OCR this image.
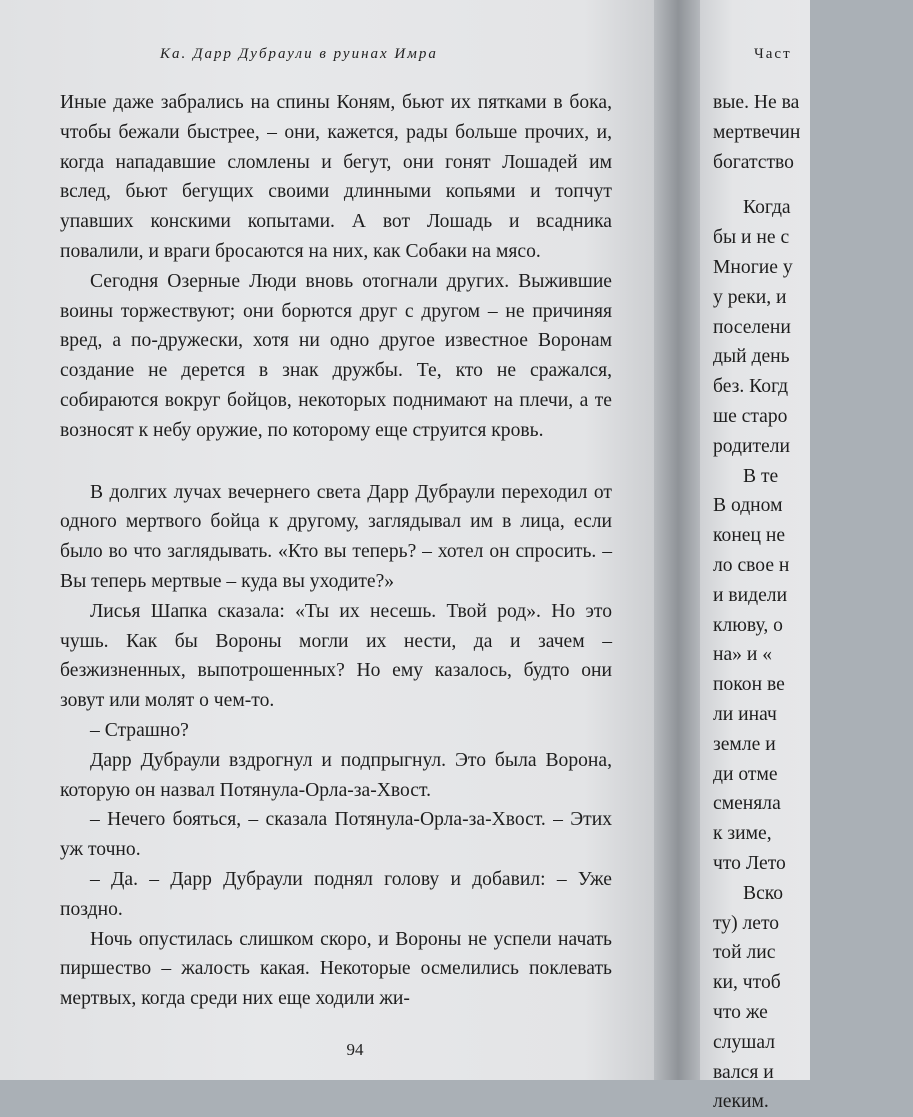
Ка. Дарр Дубраули в руинах Имра

Иные даже забрались на спины Коням, бьют их пятками в бока, чтобы бежали быстрее, – они, кажется, рады больше прочих, и, когда нападавшие сломлены и бегут, они гонят Лошадей им вслед, бьют бегущих своими длинными копьями и топчут упавших конскими копытами. А вот Лошадь и всадника повалили, и враги бросаются на них, как Собаки на мясо.

Сегодня Озерные Люди вновь отогнали других. Выжившие воины торжествуют; они борются друг с другом – не причиняя вред, а по-дружески, хотя ни одно другое известное Воронам создание не дерется в знак дружбы. Те, кто не сражался, собираются вокруг бойцов, некоторых поднимают на плечи, а те возносят к небу оружие, по которому еще струится кровь.

В долгих лучах вечернего света Дарр Дубраули переходил от одного мертвого бойца к другому, заглядывал им в лица, если было во что заглядывать. «Кто вы теперь? – хотел он спросить. – Вы теперь мертвые – куда вы уходите?»

Лисья Шапка сказала: «Ты их несешь. Твой род». Но это чушь. Как бы Вороны могли их нести, да и зачем – безжизненных, выпотрошенных? Но ему казалось, будто они зовут или молят о чем-то.

– Страшно?

Дарр Дубраули вздрогнул и подпрыгнул. Это была Ворона, которую он назвал Потянула-Орла-за-Хвост.

– Нечего бояться, – сказала Потянула-Орла-за-Хвост. – Этих уж точно.

– Да. – Дарр Дубраули поднял голову и добавил: – Уже поздно.

Ночь опустилась слишком скоро, и Вороны не успели начать пиршество – жалость какая. Некоторые осмелились поклевать мертвых, когда среди них еще ходили жи-

94
Част
вые. Не ва
мертвечин
богатство
Когда
бы и не с
Многие у
у реки, и
поселени
дый день
без. Когд
ше старо
родители
В те
В одном
конец не
ло свое н
и видели
клюву, о
на» и «
покон ве
ли инач
земле и
ди отме
сменяла
к зиме,
что Лето
Вско
ту) лето
той лис
ки, чтоб
что же
слушал
вался и
леким.
